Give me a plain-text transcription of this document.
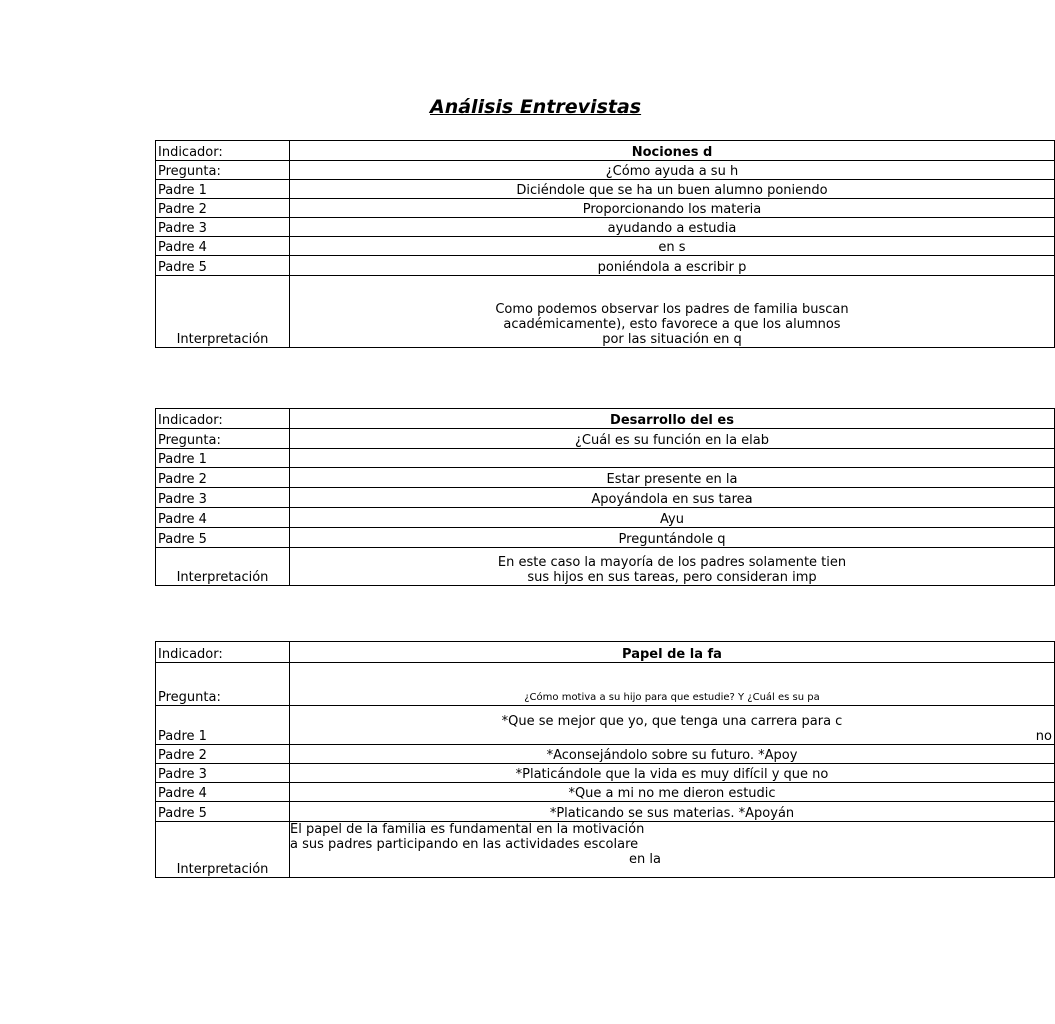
Análisis Entrevistas
Indicador:	Nociones d
Pregunta:	¿Cómo ayuda a su h
Padre 1	Diciéndole que se ha un buen alumno poniendo
Padre 2	Proporcionando los materia
Padre 3	ayudando a estudia
Padre 4	en s
Padre 5	poniéndola a escribir p
Interpretación	Como podemos observar los padres de familia buscan
académicamente), esto favorece a que los alumnos
por las situación en q
Indicador:	Desarrollo del es
Pregunta:	¿Cuál es su función en la elab
Padre 1	
Padre 2	Estar presente en la
Padre 3	Apoyándola en sus tarea
Padre 4	Ayu
Padre 5	Preguntándole q
Interpretación	En este caso la mayoría de los padres solamente tien
sus hijos en sus tareas, pero consideran imp
Indicador:	Papel de la fa
Pregunta:	¿Cómo motiva a su hijo para que estudie? Y ¿Cuál es su pa
Padre 1	*Que se mejor que yo, que tenga una carrera para c
no

Padre 2	*Aconsejándolo sobre su futuro. *Apoy
Padre 3	*Platicándole que la vida es muy difícil y que no
Padre 4	*Que a mi no me dieron estudic
Padre 5	*Platicando se sus materias. *Apoyán
Interpretación	El papel de la familia es fundamental en la motivación
a sus padres participando en las actividades escolare
en la
